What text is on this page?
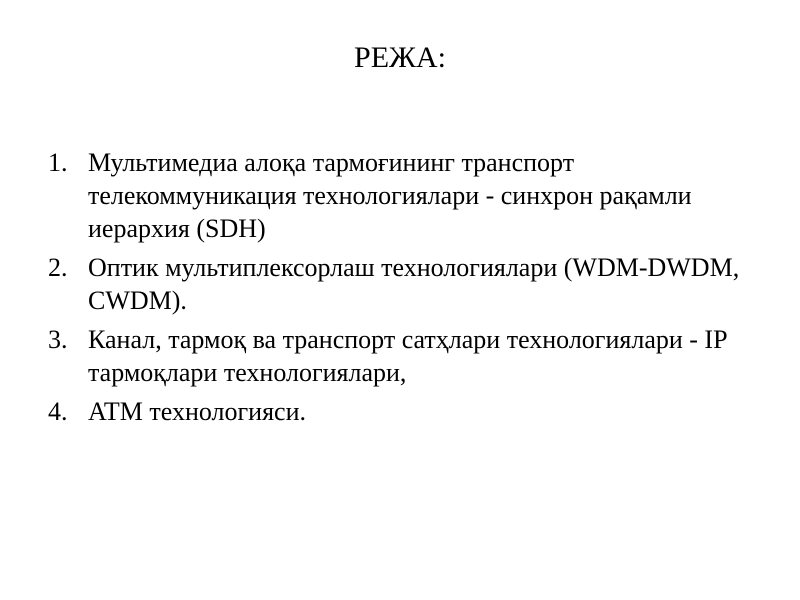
РЕЖА:
1. Мультимедиа алоқа тармоғининг транспорт телекоммуникация технологиялари - синхрон рақамли иерархия (SDH)
2. Оптик мультиплексорлаш технологиялари (WDM-DWDM, CWDM).
3. Канал, тармоқ ва транспорт сатҳлари технологиялари - IP тармоқлари технологиялари,
4. ATM технологияси.
